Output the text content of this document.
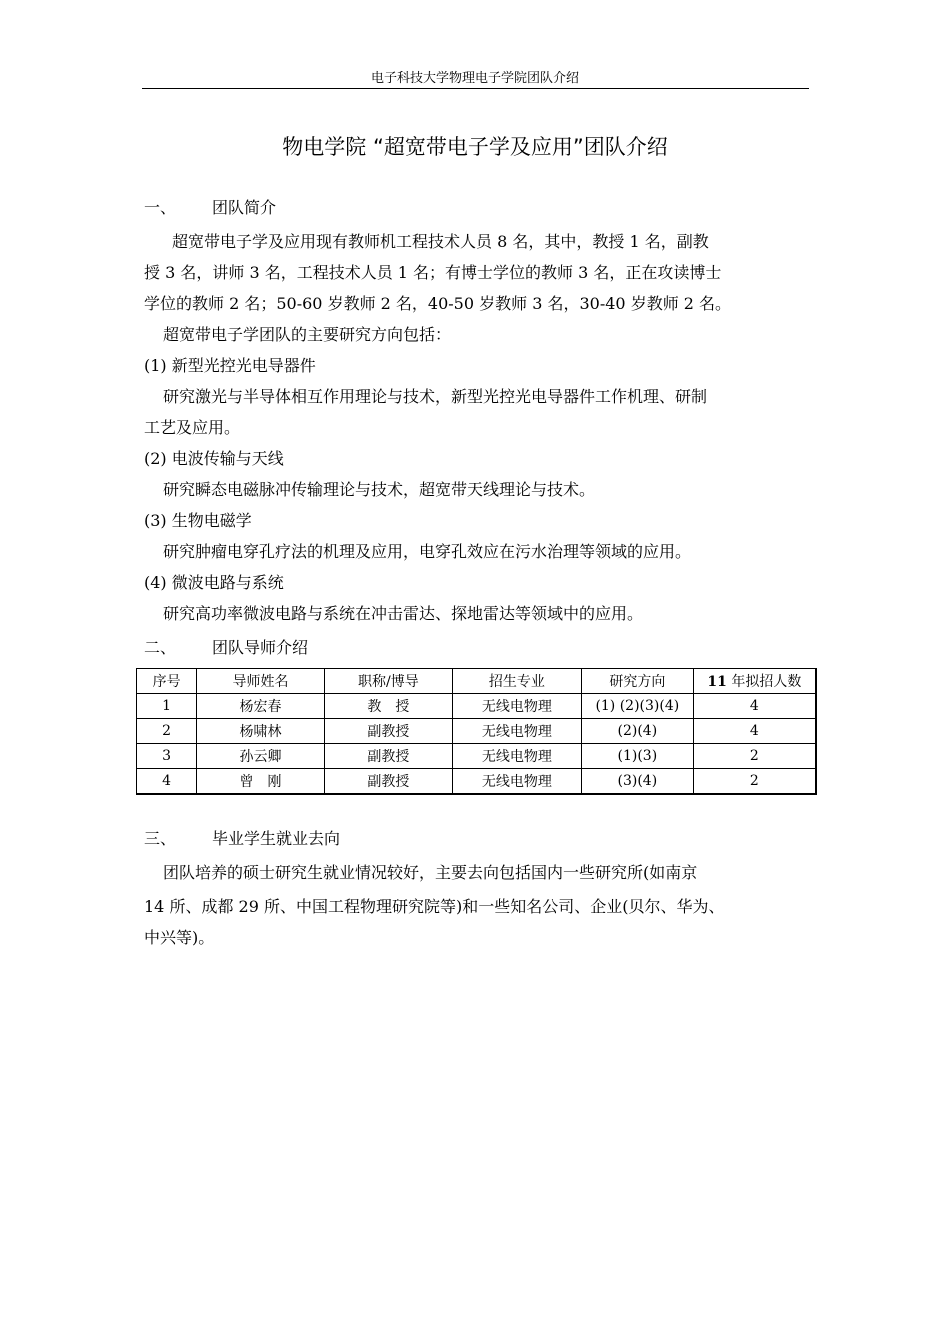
电子科技大学物理电子学院团队介绍
物电学院 “超宽带电子学及应用”团队介绍
一、 团队简介
超宽带电子学及应用现有教师机工程技术人员 8 名，其中，教授 1 名，副教
授 3 名，讲师 3 名，工程技术人员 1 名；有博士学位的教师 3 名，正在攻读博士
学位的教师 2 名；50-60 岁教师 2 名，40-50 岁教师 3 名，30-40 岁教师 2 名。
超宽带电子学团队的主要研究方向包括：
(1) 新型光控光电导器件
研究激光与半导体相互作用理论与技术，新型光控光电导器件工作机理、研制
工艺及应用。
(2) 电波传输与天线
研究瞬态电磁脉冲传输理论与技术，超宽带天线理论与技术。
(3) 生物电磁学
研究肿瘤电穿孔疗法的机理及应用，电穿孔效应在污水治理等领域的应用。
(4) 微波电路与系统
研究高功率微波电路与系统在冲击雷达、探地雷达等领域中的应用。
二、 团队导师介绍
序号	导师姓名	职称/博导	招生专业	研究方向	11 年拟招人数
1	杨宏春	教　授	无线电物理	(1) (2)(3)(4)	4
2	杨啸林	副教授	无线电物理	(2)(4)	4
3	孙云卿	副教授	无线电物理	(1)(3)	2
4	曾　刚	副教授	无线电物理	(3)(4)	2
三、 毕业学生就业去向
团队培养的硕士研究生就业情况较好，主要去向包括国内一些研究所(如南京
14 所、成都 29 所、中国工程物理研究院等)和一些知名公司、企业(贝尔、华为、
中兴等)。
